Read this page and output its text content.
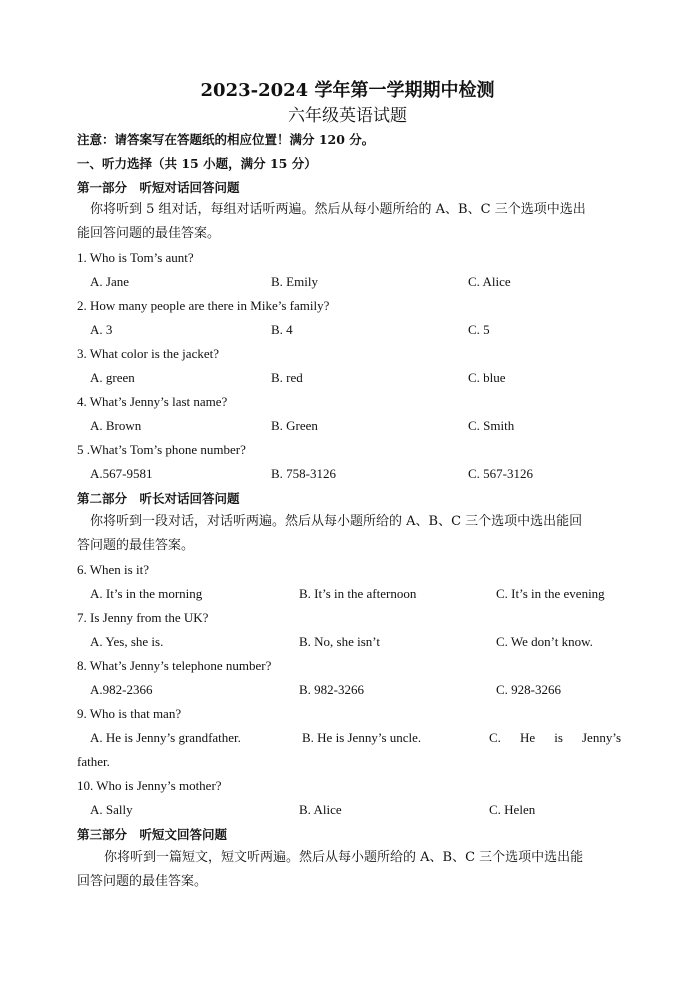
2023-2024 学年第一学期期中检测
六年级英语试题
注意：请答案写在答题纸的相应位置！满分 120 分。
一、听力选择（共 15 小题，满分 15 分）
第一部分　听短对话回答问题
你将听到 5 组对话，每组对话听两遍。然后从每小题所给的 A、B、C 三个选项中选出
能回答问题的最佳答案。
1. Who is Tom’s aunt?
A. Jane	B. Emily	C. Alice
2. How many people are there in Mike’s family?
A. 3	B. 4	C. 5
3. What color is the jacket?
A. green	B. red	C. blue
4. What’s Jenny’s last name?
A. Brown	B. Green	C. Smith
5 .What’s Tom’s phone number?
A.567-9581	B. 758-3126	C. 567-3126
第二部分　听长对话回答问题
你将听到一段对话，对话听两遍。然后从每小题所给的 A、B、C 三个选项中选出能回
答问题的最佳答案。
6. When is it?
A. It’s in the morning	B. It’s in the afternoon	C. It’s in the evening
7. Is Jenny from the UK?
A. Yes, she is.	B. No, she isn’t	C. We don’t know.
8. What’s Jenny’s telephone number?
A.982-2366	B. 982-3266	C. 928-3266
9. Who is that man?
A. He is Jenny’s grandfather.	B. He is Jenny’s uncle.	C. He is Jenny’s
father.
10. Who is Jenny’s mother?
A. Sally	B. Alice	C. Helen
第三部分　听短文回答问题
你将听到一篇短文，短文听两遍。然后从每小题所给的 A、B、C 三个选项中选出能
回答问题的最佳答案。
